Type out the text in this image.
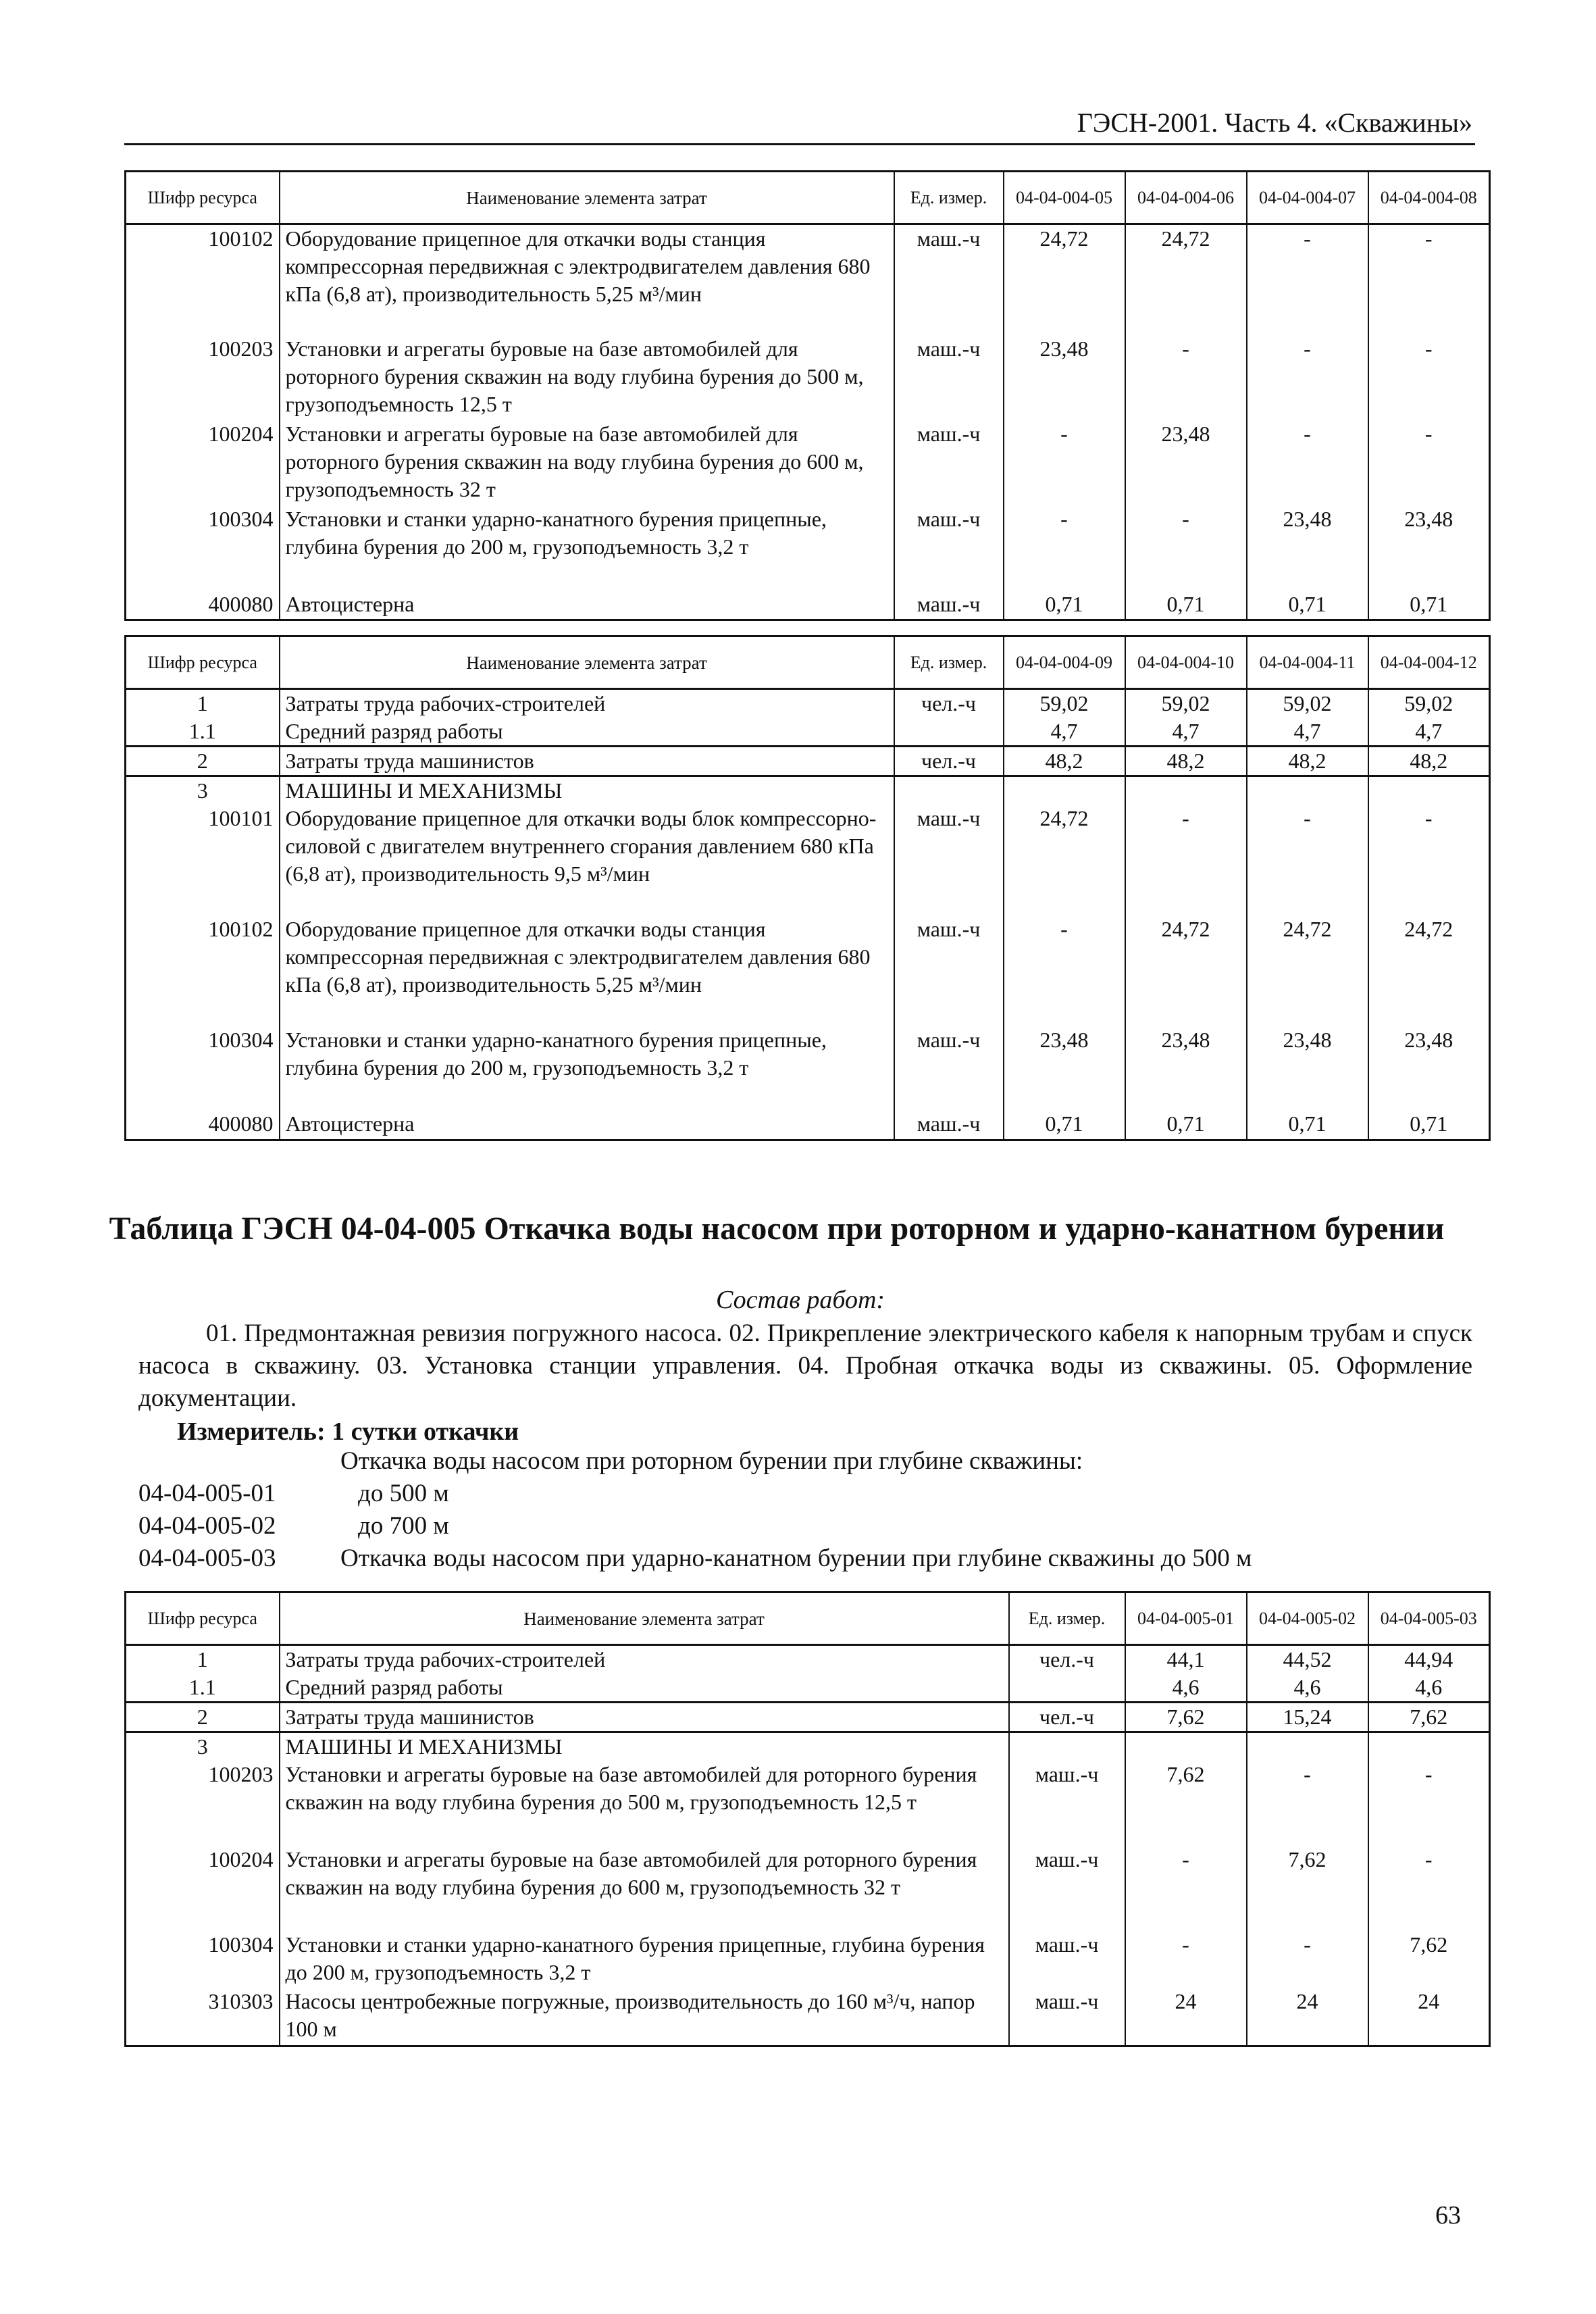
ГЭСН-2001. Часть 4. «Скважины»
Шифр ресурса	Наименование элемента затрат	Ед. измер.	04-04-004-05	04-04-004-06	04-04-004-07	04-04-004-08
100102	Оборудование прицепное для откачки воды станция компрессорная передвижная с электродвигателем давления 680 кПа (6,8 ат), производительность 5,25 м³/мин	маш.-ч	24,72	24,72	-	-
100203	Установки и агрегаты буровые на базе автомобилей для роторного бурения скважин на воду глубина бурения до 500 м, грузоподъемность 12,5 т	маш.-ч	23,48	-	-	-
100204	Установки и агрегаты буровые на базе автомобилей для роторного бурения скважин на воду глубина бурения до 600 м, грузоподъемность 32 т	маш.-ч	-	23,48	-	-
100304	Установки и станки ударно-канатного бурения прицепные, глубина бурения до 200 м, грузоподъемность 3,2 т	маш.-ч	-	-	23,48	23,48
400080	Автоцистерна	маш.-ч	0,71	0,71	0,71	0,71
Шифр ресурса	Наименование элемента затрат	Ед. измер.	04-04-004-09	04-04-004-10	04-04-004-11	04-04-004-12
1	Затраты труда рабочих-строителей	чел.-ч	59,02	59,02	59,02	59,02
1.1	Средний разряд работы		4,7	4,7	4,7	4,7
2	Затраты труда машинистов	чел.-ч	48,2	48,2	48,2	48,2
3	МАШИНЫ И МЕХАНИЗМЫ					
100101	Оборудование прицепное для откачки воды блок компрессорно-силовой с двигателем внутреннего сгорания давлением 680 кПа (6,8 ат), производительность 9,5 м³/мин	маш.-ч	24,72	-	-	-
100102	Оборудование прицепное для откачки воды станция компрессорная передвижная с электродвигателем давления 680 кПа (6,8 ат), производительность 5,25 м³/мин	маш.-ч	-	24,72	24,72	24,72
100304	Установки и станки ударно-канатного бурения прицепные, глубина бурения до 200 м, грузоподъемность 3,2 т	маш.-ч	23,48	23,48	23,48	23,48
400080	Автоцистерна	маш.-ч	0,71	0,71	0,71	0,71
Таблица ГЭСН 04-04-005 Откачка воды насосом при роторном и ударно-канатном бурении
Состав работ:
01. Предмонтажная ревизия погружного насоса. 02. Прикрепление электрического кабеля к напорным трубам и спуск насоса в скважину. 03. Установка станции управления. 04. Пробная откачка воды из скважины. 05. Оформление документации.
Измеритель: 1 сутки откачки
Откачка воды насосом при роторном бурении при глубине скважины:
04-04-005-01	до 500 м
04-04-005-02	до 700 м
04-04-005-03	Откачка воды насосом при ударно-канатном бурении при глубине скважины до 500 м
Шифр ресурса	Наименование элемента затрат	Ед. измер.	04-04-005-01	04-04-005-02	04-04-005-03
1	Затраты труда рабочих-строителей	чел.-ч	44,1	44,52	44,94
1.1	Средний разряд работы		4,6	4,6	4,6
2	Затраты труда машинистов	чел.-ч	7,62	15,24	7,62
3	МАШИНЫ И МЕХАНИЗМЫ				
100203	Установки и агрегаты буровые на базе автомобилей для роторного бурения скважин на воду глубина бурения до 500 м, грузоподъемность 12,5 т	маш.-ч	7,62	-	-
100204	Установки и агрегаты буровые на базе автомобилей для роторного бурения скважин на воду глубина бурения до 600 м, грузоподъемность 32 т	маш.-ч	-	7,62	-
100304	Установки и станки ударно-канатного бурения прицепные, глубина бурения до 200 м, грузоподъемность 3,2 т	маш.-ч	-	-	7,62
310303	Насосы центробежные погружные, производительность до 160 м³/ч, напор 100 м	маш.-ч	24	24	24
63
